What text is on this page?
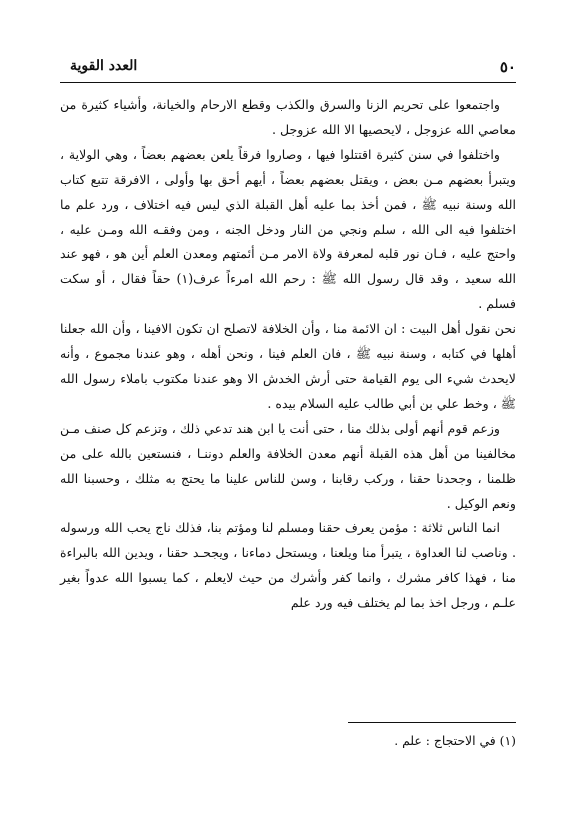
٥٠
العدد القوية

واجتمعوا على تحريم الزنا والسرق والكذب وقطع الارحام والخيانة، وأشياء كثيرة من معاصي الله عزوجل ، لايحصيها الا الله عزوجل .

واختلفوا في سنن كثيرة اقتتلوا فيها ، وصاروا فرقاً يلعن بعضهم بعضاً ، وهي الولاية ، ويتبرأ بعضهم مـن بعض ، ويقتل بعضهم بعضاً ، أيهم أحق بها وأولى ، الافرقة تتبع كتاب الله وسنة نبيه ﷺ ، فمن أخذ بما عليه أهل القبلة الذي ليس فيه اختلاف ، ورد علم ما اختلفوا فيه الى الله ، سلم ونجي من النار ودخل الجنه ، ومن وفقـه الله ومـن عليه ، واحتج عليه ، فـان نور قلبه لمعرفة ولاة الامر مـن أئمتهم ومعدن العلم أين هو ، فهو عند الله سعيد ، وقد قال رسول الله ﷺ : رحم الله امرءاً عرف(١) حقاً فقال ، أو سكت فسلم .

نحن نقول أهل البيت : ان الائمة منا ، وأن الخلافة لاتصلح ان تكون الافينا ، وأن الله جعلنا أهلها في كتابه ، وسنة نبيه ﷺ ، فان العلم فينا ، ونحن أهله ، وهو عندنا مجموع ، وأنه لايحدث شيء الى يوم القيامة حتى أرش الخدش الا وهو عندنا مكتوب باملاء رسول الله ﷺ ، وخط علي بن أبي طالب عليه السلام بيده .

وزعم قوم أنهم أولى بذلك منا ، حتى أنت يا ابن هند تدعي ذلك ، وتزعم كل صنف مـن مخالفينا من أهل هذه القبلة أنهم معدن الخلافة والعلم دوننـا ، فنستعين بالله على من ظلمنا ، وجحدنا حقنا ، وركب رقابنا ، وسن للناس علينا ما يحتج به مثلك ، وحسبنا الله ونعم الوكيل .

انما الناس ثلاثة : مؤمن يعرف حقنا ومسلم لنا ومؤتم بنا، فذلك ناج يحب الله ورسوله . وناصب لنا العداوة ، يتبرأ منا ويلعنا ، ويستحل دماءنا ، ويجحـد حقنا ، ويدين الله بالبراءة منا ، فهذا كافر مشرك ، وانما كفر وأشرك من حيث لايعلم ، كما يسبوا الله عدواً بغير علـم ، ورجل اخذ بما لم يختلف فيه ورد علم

(١) في الاحتجاج : علم .
